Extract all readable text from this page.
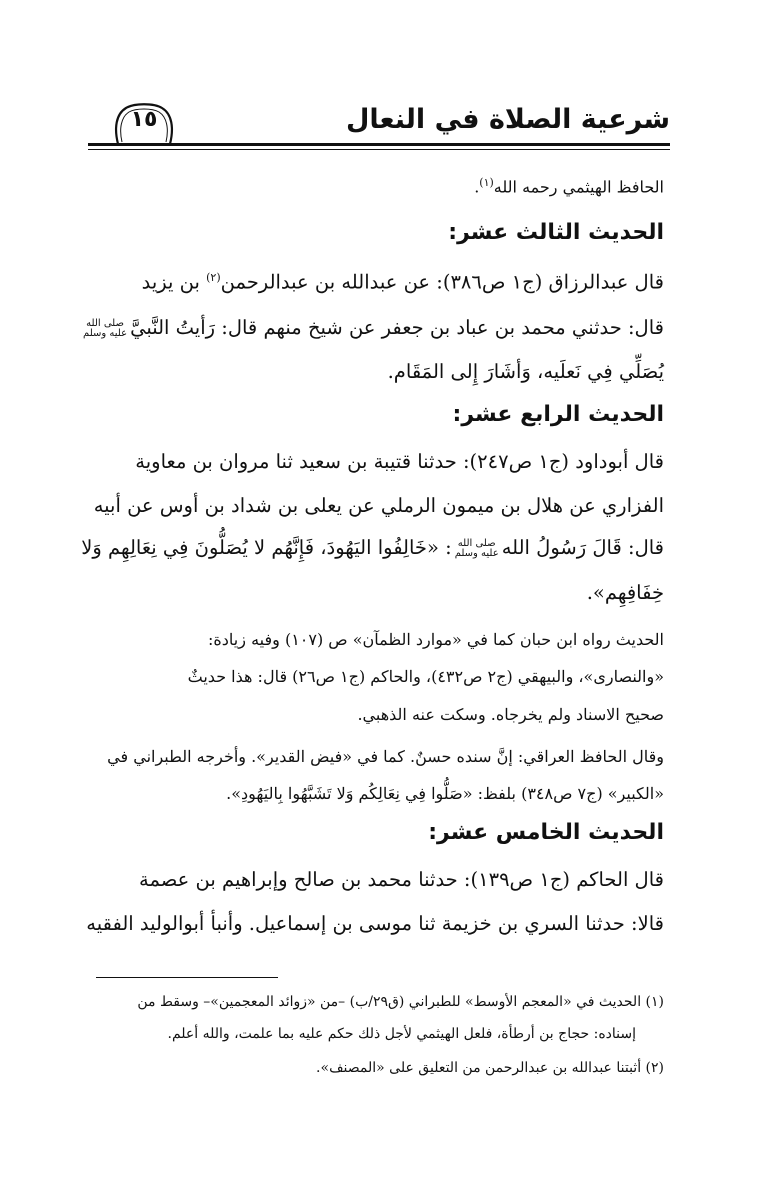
شرعية الصلاة في النعال
١٥
الحافظ الهيثمي رحمه الله$^{(١)}$.
الحديث الثالث عشر:
قال عبدالرزاق (ج١ ص٣٨٦): عن عبدالله بن عبدالرحمن$^{(٢)}$ بن يزيد
قال: حدثني محمد بن عباد بن جعفر عن شيخ منهم قال: رَأيتُ النَّبيَّصلى الله عليه وسلم
يُصَلِّي فِي نَعلَيه، وَأشَارَ إِلى المَقَام.
الحديث الرابع عشر:
قال أبوداود (ج١ ص٢٤٧): حدثنا قتيبة بن سعيد ثنا مروان بن معاوية
الفزاري عن هلال بن ميمون الرملي عن يعلى بن شداد بن أوس عن أبيه
قال: قَالَ رَسُولُ اللهصلى الله عليه وسلم: «خَالِفُوا اليَهُودَ، فَإِنَّهُم لا يُصَلُّونَ فِي نِعَالِهِم وَلا
خِفَافِهِم».
الحديث رواه ابن حبان كما في «موارد الظمآن» ص (١٠٧) وفيه زيادة:
«والنصارى»، والبيهقي (ج٢ ص٤٣٢)، والحاكم (ج١ ص٢٦) قال: هذا حديثٌ
صحيح الاسناد ولم يخرجاه. وسكت عنه الذهبي.
وقال الحافظ العراقي: إنَّ سنده حسنٌ. كما في «فيض القدير». وأخرجه الطبراني في
«الكبير» (ج٧ ص٣٤٨) بلفظ: «صَلُّوا فِي نِعَالِكُم وَلا تَشَبَّهُوا بِاليَهُودِ».
الحديث الخامس عشر:
قال الحاكم (ج١ ص١٣٩): حدثنا محمد بن صالح وإبراهيم بن عصمة
قالا: حدثنا السري بن خزيمة ثنا موسى بن إسماعيل. وأنبأ أبوالوليد الفقيه
(١) الحديث في «المعجم الأوسط» للطبراني (ق٢٩/ب) –من «زوائد المعجمين»– وسقط من
إسناده: حجاج بن أرطأة، فلعل الهيثمي لأجل ذلك حكم عليه بما علمت، والله أعلم.
(٢) أثبتنا عبدالله بن عبدالرحمن من التعليق على «المصنف».
